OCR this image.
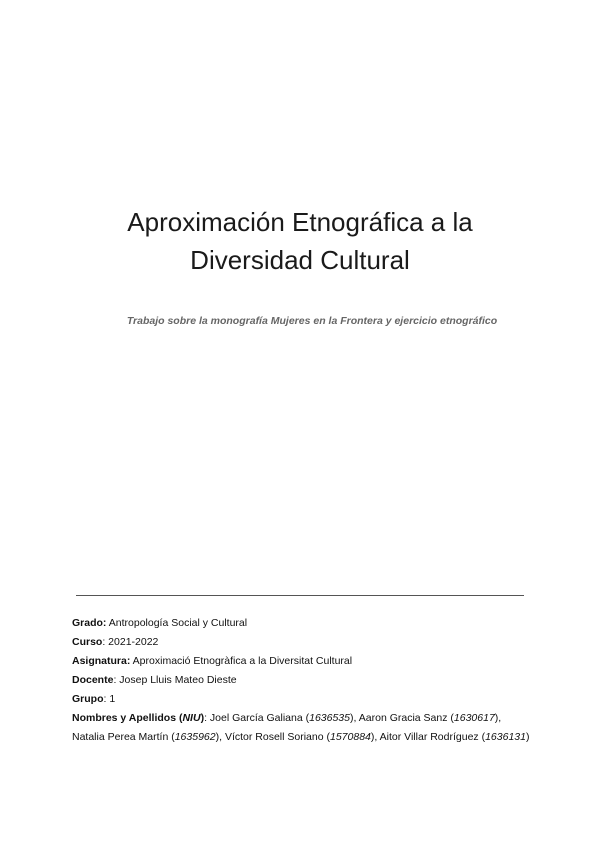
Aproximación Etnográfica a la
Diversidad Cultural

Trabajo sobre la monografía Mujeres en la Frontera y ejercicio etnográfico

Grado: Antropología Social y Cultural

Curso: 2021-2022

Asignatura: Aproximació Etnogràfica a la Diversitat Cultural

Docente: Josep Lluis Mateo Dieste

Grupo: 1

Nombres y Apellidos (NIU): Joel García Galiana (1636535), Aaron Gracia Sanz (1630617),
Natalia Perea Martín (1635962), Víctor Rosell Soriano (1570884), Aitor Villar Rodríguez (1636131)
